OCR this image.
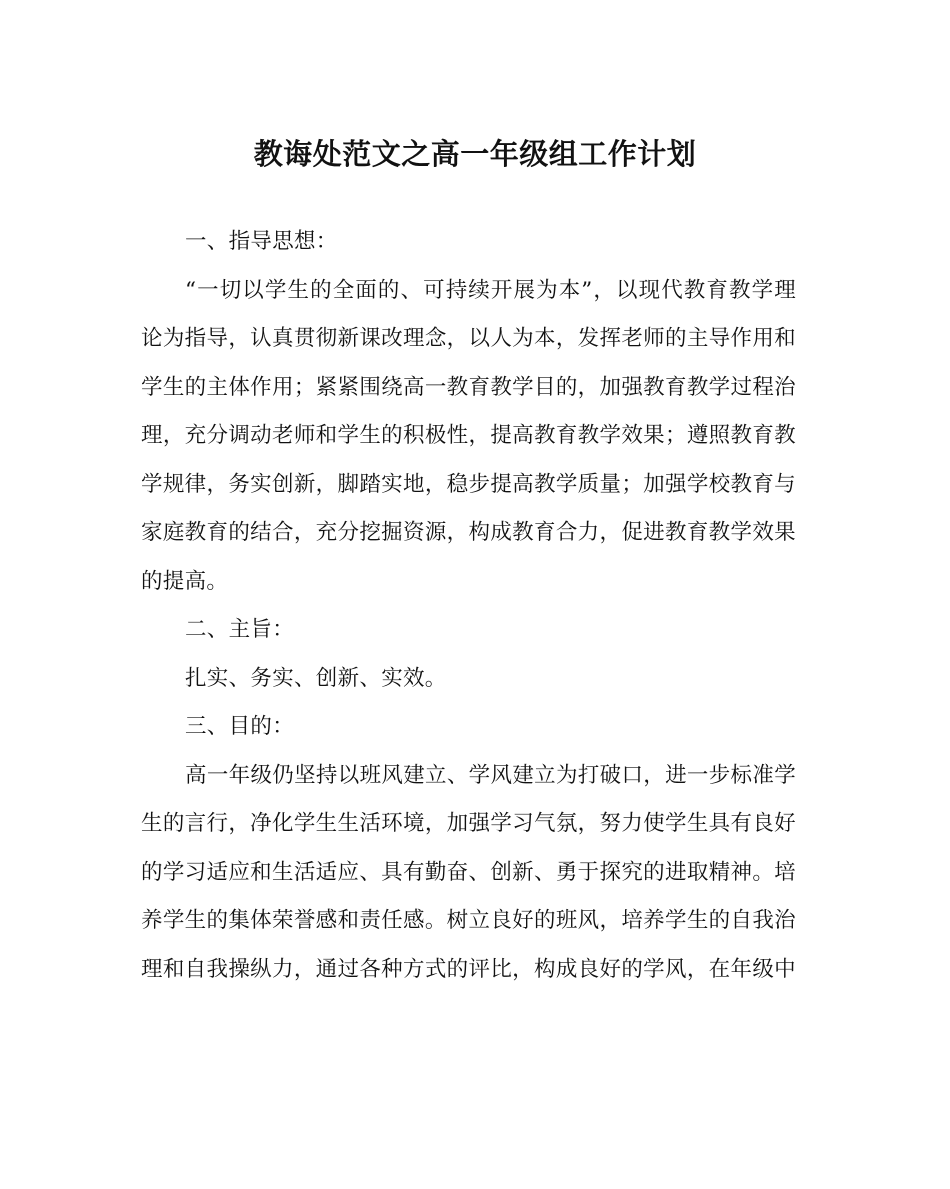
教诲处范文之高一年级组工作计划
一、指导思想：
“一切以学生的全面的、可持续开展为本”，以现代教育教学理
论为指导，认真贯彻新课改理念，以人为本，发挥老师的主导作用和
学生的主体作用；紧紧围绕高一教育教学目的，加强教育教学过程治
理，充分调动老师和学生的积极性，提高教育教学效果；遵照教育教
学规律，务实创新，脚踏实地，稳步提高教学质量；加强学校教育与
家庭教育的结合，充分挖掘资源，构成教育合力，促进教育教学效果
的提高。
二、主旨：
扎实、务实、创新、实效。
三、目的：
高一年级仍坚持以班风建立、学风建立为打破口，进一步标准学
生的言行，净化学生生活环境，加强学习气氛，努力使学生具有良好
的学习适应和生活适应、具有勤奋、创新、勇于探究的进取精神。培
养学生的集体荣誉感和责任感。树立良好的班风，培养学生的自我治
理和自我操纵力，通过各种方式的评比，构成良好的学风，在年级中
